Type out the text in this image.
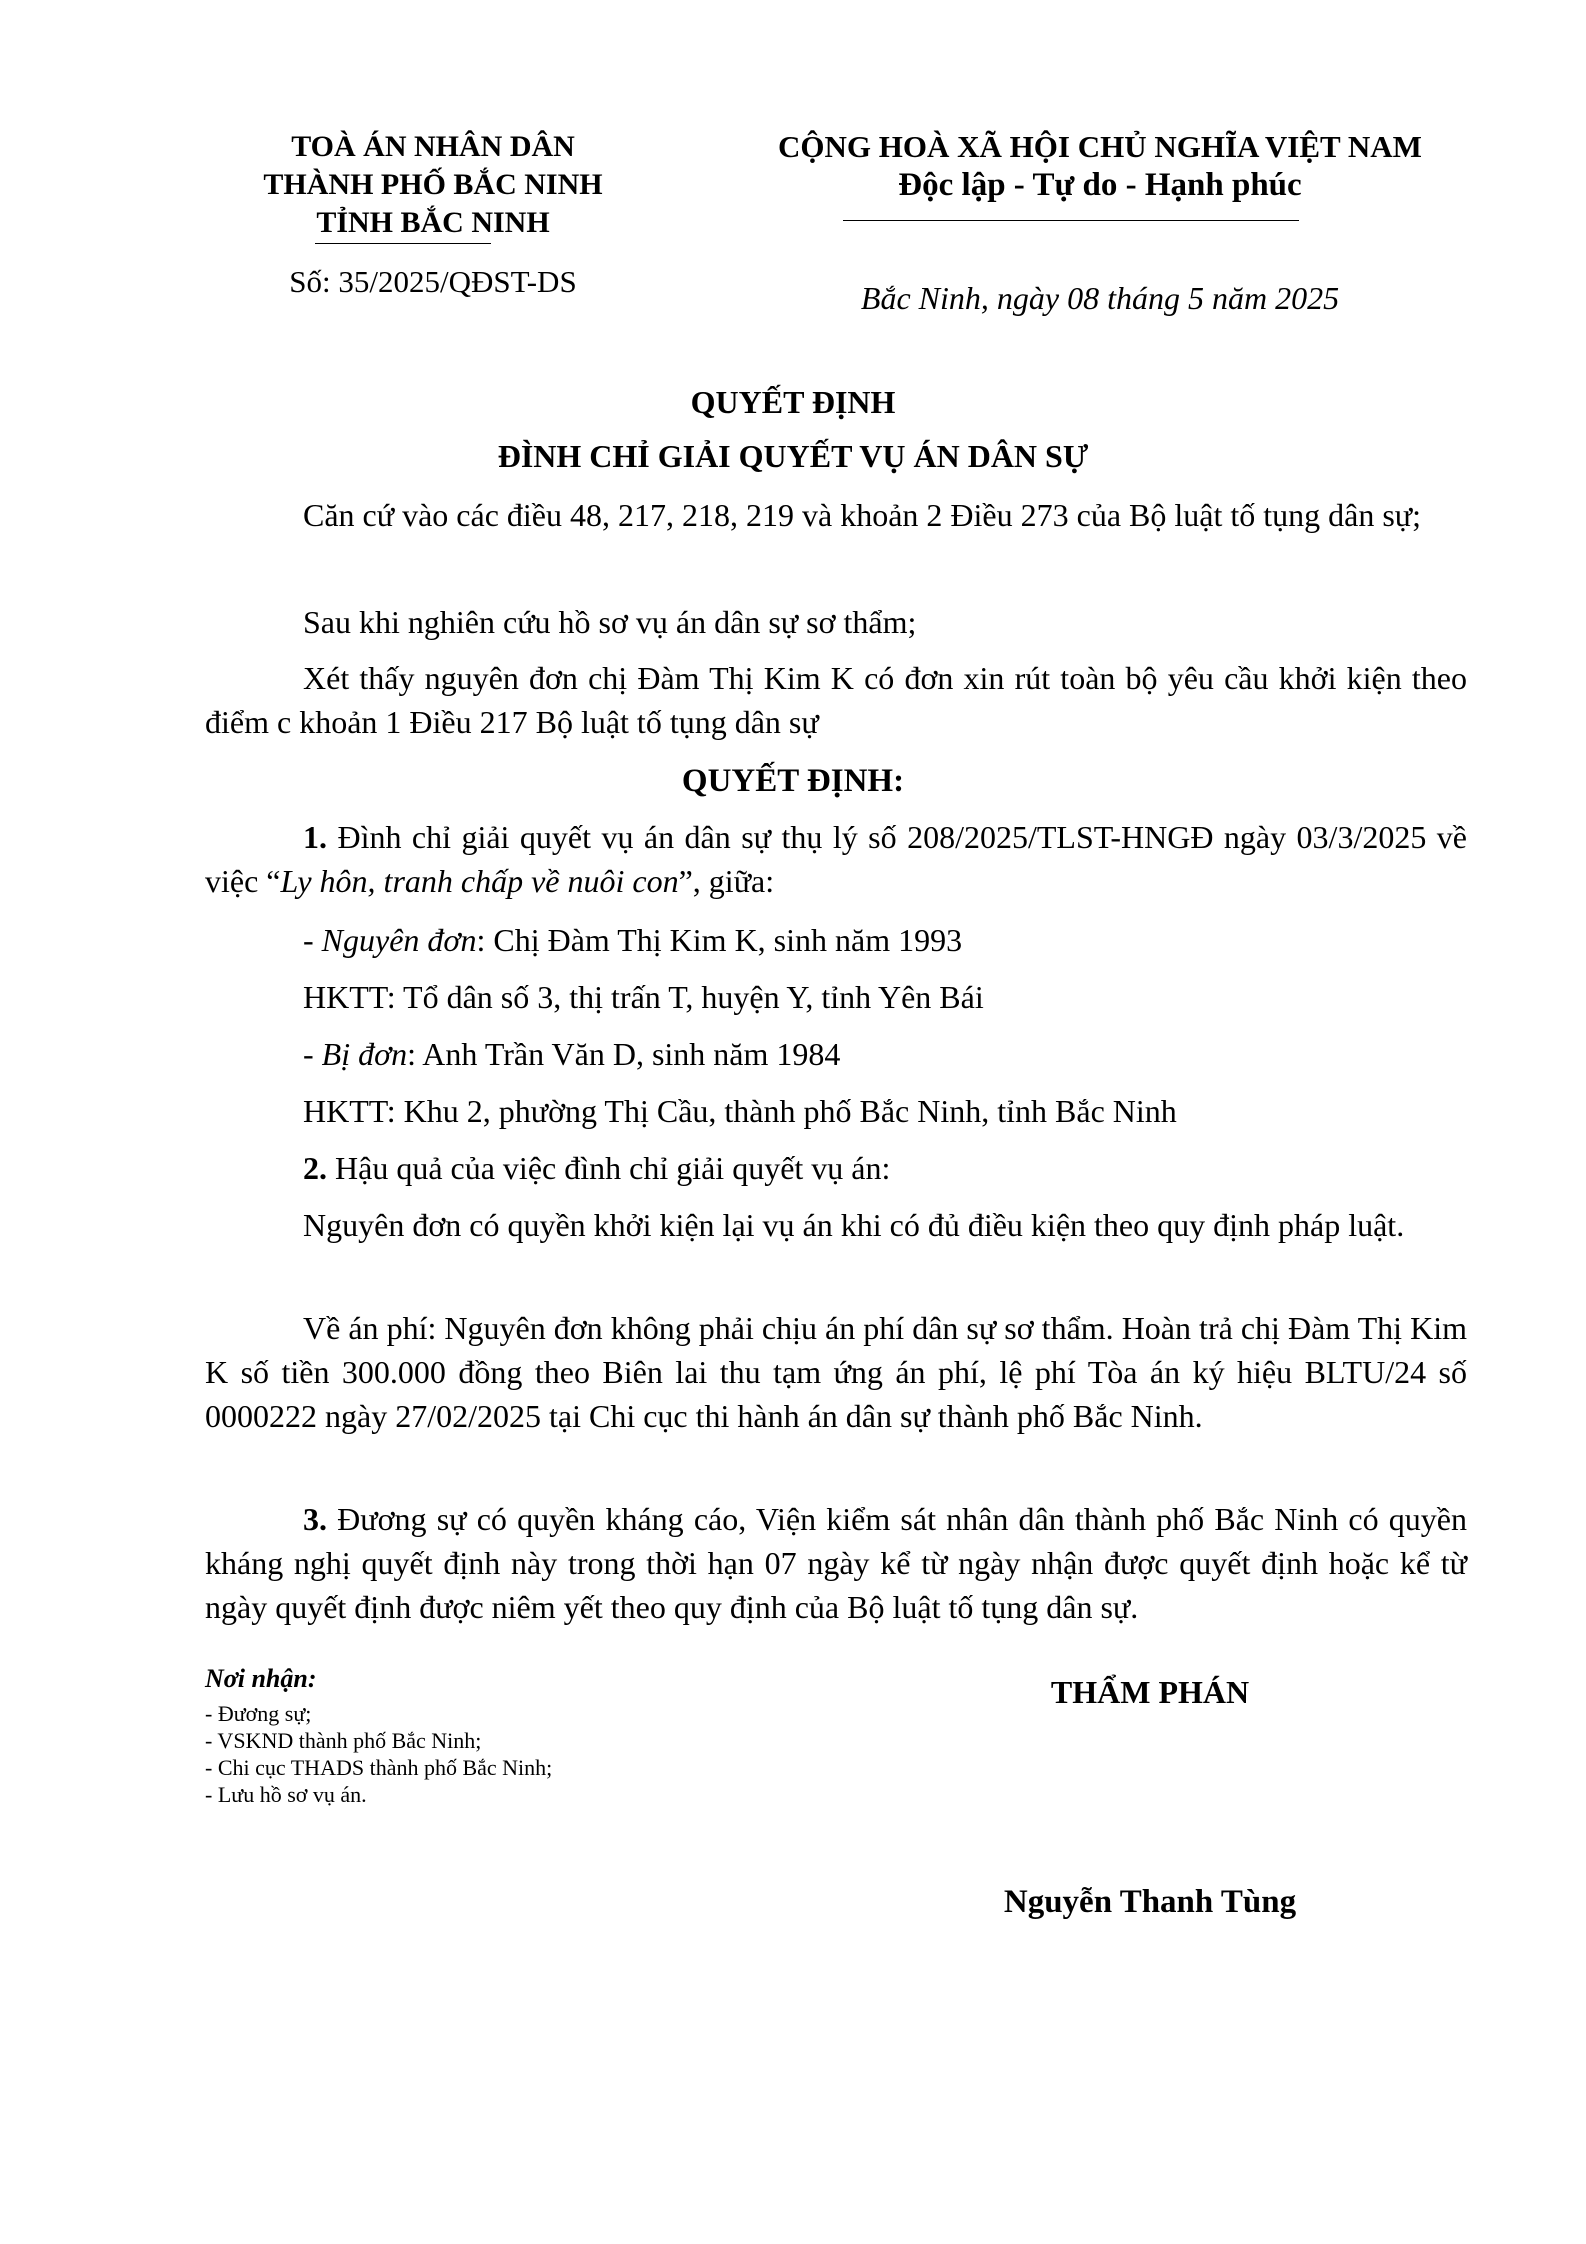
TOÀ ÁN NHÂN DÂN
THÀNH PHỐ BẮC NINH
TỈNH BẮC NINH
Số: 35/2025/QĐST-DS
CỘNG HOÀ XÃ HỘI CHỦ NGHĨA VIỆT NAM
Độc lập - Tự do - Hạnh phúc
Bắc Ninh, ngày 08 tháng 5 năm 2025
QUYẾT ĐỊNH
ĐÌNH CHỈ GIẢI QUYẾT VỤ ÁN DÂN SỰ

Căn cứ vào các điều 48, 217, 218, 219 và khoản 2 Điều 273 của Bộ luật tố tụng dân sự;

Sau khi nghiên cứu hồ sơ vụ án dân sự sơ thẩm;

Xét thấy nguyên đơn chị Đàm Thị Kim K có đơn xin rút toàn bộ yêu cầu khởi kiện theo điểm c khoản 1 Điều 217 Bộ luật tố tụng dân sự

QUYẾT ĐỊNH:

1. Đình chỉ giải quyết vụ án dân sự thụ lý số 208/2025/TLST-HNGĐ ngày 03/3/2025 về việc “Ly hôn, tranh chấp về nuôi con”, giữa:

- Nguyên đơn: Chị Đàm Thị Kim K, sinh năm 1993
HKTT: Tổ dân số 3, thị trấn T, huyện Y, tỉnh Yên Bái
- Bị đơn: Anh Trần Văn D, sinh năm 1984
HKTT: Khu 2, phường Thị Cầu, thành phố Bắc Ninh, tỉnh Bắc Ninh
2. Hậu quả của việc đình chỉ giải quyết vụ án:

Nguyên đơn có quyền khởi kiện lại vụ án khi có đủ điều kiện theo quy định pháp luật.

Về án phí: Nguyên đơn không phải chịu án phí dân sự sơ thẩm. Hoàn trả chị Đàm Thị Kim K số tiền 300.000 đồng theo Biên lai thu tạm ứng án phí, lệ phí Tòa án ký hiệu BLTU/24 số 0000222 ngày 27/02/2025 tại Chi cục thi hành án dân sự thành phố Bắc Ninh.

3. Đương sự có quyền kháng cáo, Viện kiểm sát nhân dân thành phố Bắc Ninh có quyền kháng nghị quyết định này trong thời hạn 07 ngày kể từ ngày nhận được quyết định hoặc kể từ ngày quyết định được niêm yết theo quy định của Bộ luật tố tụng dân sự.

Nơi nhận:
- Đương sự;
- VSKND thành phố Bắc Ninh;
- Chi cục THADS thành phố Bắc Ninh;
- Lưu hồ sơ vụ án.
THẨM PHÁN
Nguyễn Thanh Tùng
